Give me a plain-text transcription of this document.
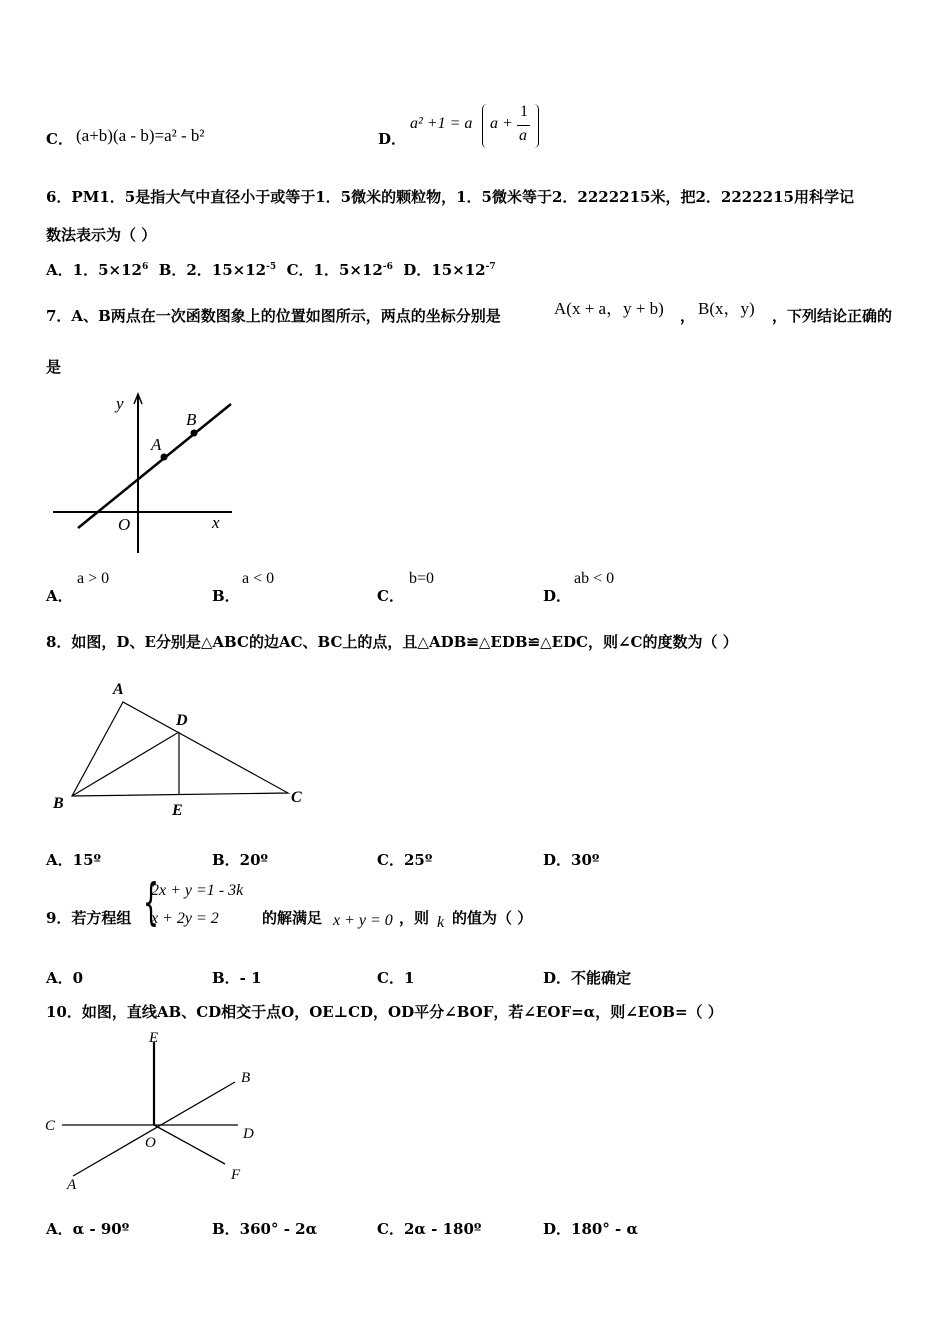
C． (a+b)(a - b)=a² - b²	D．
a² +1 = a a +
1
a
6．PM1．5是指大气中直径小于或等于1．5微米的颗粒物，1．5微米等于2．2222215米，把2．2222215用科学记
数法表示为（ ）
A．1．$5\times 12^6$ B．2．$15\times 12^{-5}$ C．1．$5\times 12^{-6}$ D．$15\times 12^{-7}$
7．A、B两点在一次函数图象上的位置如图所示，两点的坐标分别是	A(x + a，y + b) ， B(x，y) ，下列结论正确的
是
y
x
O
A
B
A．
a > 0
B．
a < 0
C．
b=0
D．
ab < 0
8．如图，D、E分别是△ABC的边AC、BC上的点，且△ADB≌△EDB≌△EDC，则∠C的度数为（ ）
A
B	C
D
E
A．15º	B．20º	C．25º	D．30º
9．若方程组 {
2x + y =1 - 3k
x + 2y = 2	的解满足 x + y = 0 ，则 k 的值为（ ）
A．0	B．- 1	C．1	D．不能确定
10．如图，直线AB、CD相交于点O，OE⊥CD，OD平分∠BOF，若∠EOF=α，则∠EOB=（ ）
E
B
C	D
O
A
F
A．α - 90º	B．360° - 2α	C．2α - 180º	D．180° - α
